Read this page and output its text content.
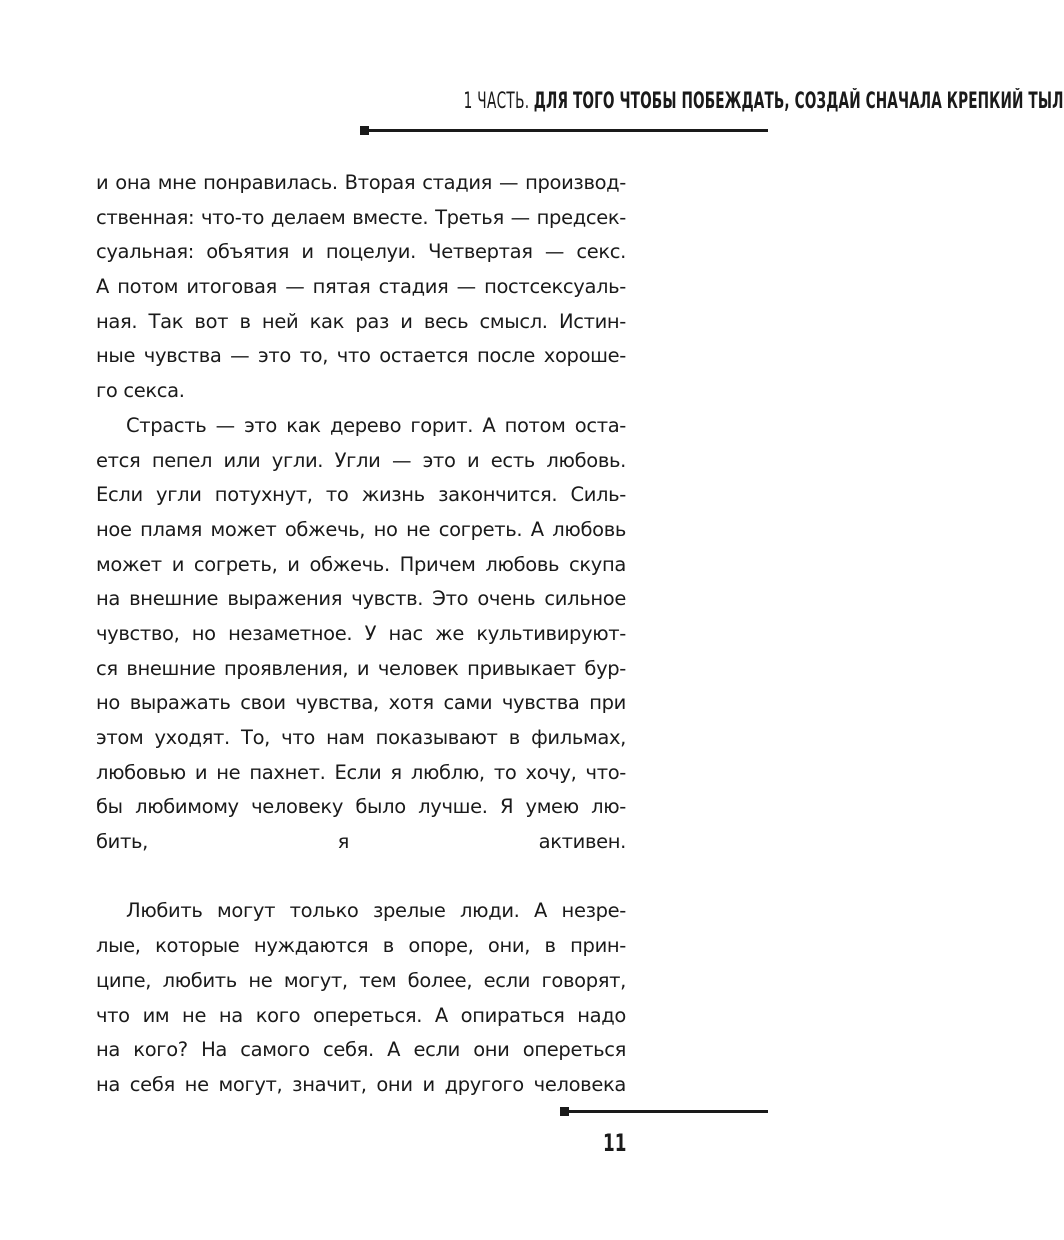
1 ЧАСТЬ. ДЛЯ ТОГО ЧТОБЫ ПОБЕЖДАТЬ, СОЗДАЙ СНАЧАЛА КРЕПКИЙ ТЫЛ
и она мне понравилась. Вторая стадия — производ-
ственная: что-то делаем вместе. Третья — предсек-
суальная: объятия и поцелуи. Четвертая — секс.
А потом итоговая — пятая стадия — постсексуаль-
ная. Так вот в ней как раз и весь смысл. Истин-
ные чувства — это то, что остается после хороше-
го секса.
Страсть — это как дерево горит. А потом оста-
ется пепел или угли. Угли — это и есть любовь.
Если угли потухнут, то жизнь закончится. Силь-
ное пламя может обжечь, но не согреть. А любовь
может и согреть, и обжечь. Причем любовь скупа
на внешние выражения чувств. Это очень сильное
чувство, но незаметное. У нас же культивируют-
ся внешние проявления, и человек привыкает бур-
но выражать свои чувства, хотя сами чувства при
этом уходят. То, что нам показывают в фильмах,
любовью и не пахнет. Если я люблю, то хочу, что-
бы любимому человеку было лучше. Я умею лю-
бить, я активен.
Любить могут только зрелые люди. А незре-
лые, которые нуждаются в опоре, они, в прин-
ципе, любить не могут, тем более, если говорят,
что им не на кого опереться. А опираться надо
на кого? На самого себя. А если они опереться
на себя не могут, значит, они и другого человека
11
